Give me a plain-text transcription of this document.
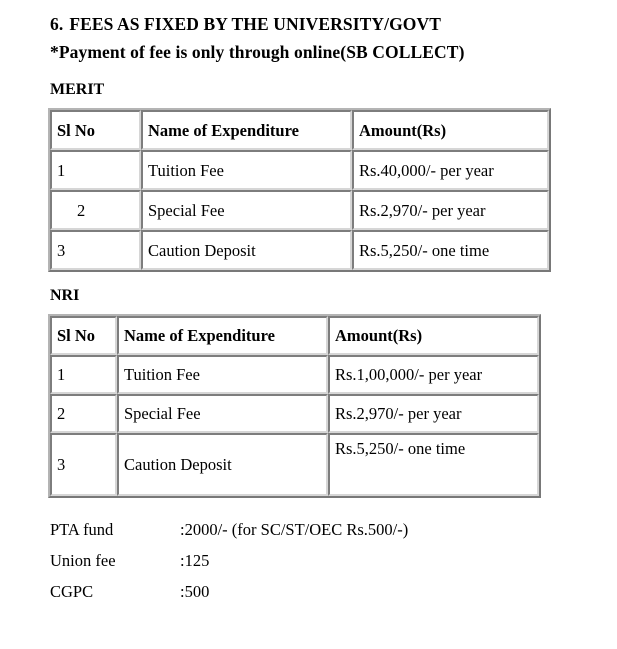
6. FEES AS FIXED BY THE UNIVERSITY/GOVT
*Payment of fee is only through online(SB COLLECT)
MERIT
Sl No	Name of Expenditure	Amount(Rs)
1	Tuition Fee	Rs.40,000/- per year
2	Special Fee	Rs.2,970/- per year
3	Caution Deposit	Rs.5,250/- one time
NRI
Sl No	Name of Expenditure	Amount(Rs)
1	Tuition Fee	Rs.1,00,000/- per year
2	Special Fee	Rs.2,970/- per year
3	Caution Deposit	Rs.5,250/- one time
PTA fund	:2000/- (for SC/ST/OEC Rs.500/-)
Union fee	:125
CGPC	:500
